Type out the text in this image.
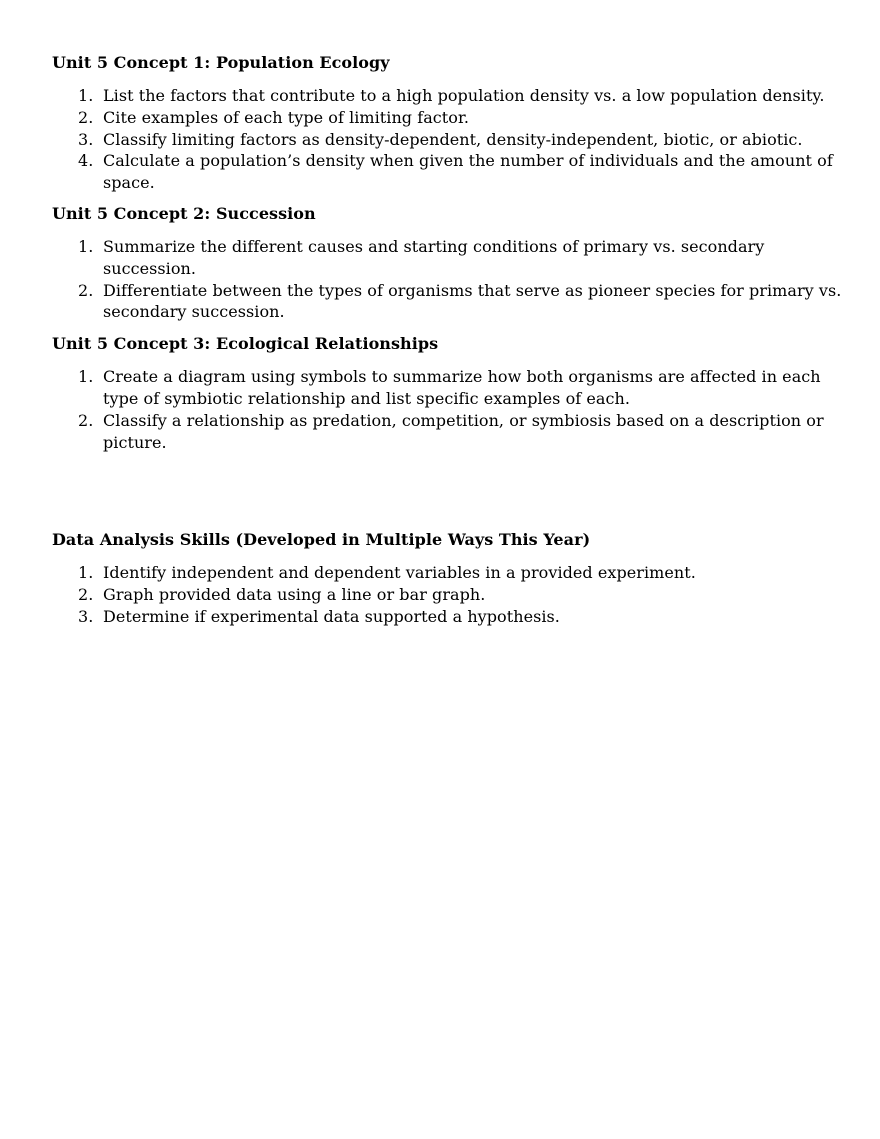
Unit 5 Concept 1: Population Ecology
1. List the factors that contribute to a high population density vs. a low population density.
2. Cite examples of each type of limiting factor.
3. Classify limiting factors as density-dependent, density-independent, biotic, or abiotic.
4. Calculate a population’s density when given the number of individuals and the amount of space.
Unit 5 Concept 2: Succession
1. Summarize the different causes and starting conditions of primary vs. secondary succession.
2. Differentiate between the types of organisms that serve as pioneer species for primary vs. secondary succession.
Unit 5 Concept 3: Ecological Relationships
1. Create a diagram using symbols to summarize how both organisms are affected in each type of symbiotic relationship and list specific examples of each.
2. Classify a relationship as predation, competition, or symbiosis based on a description or picture.
Data Analysis Skills (Developed in Multiple Ways This Year)
1. Identify independent and dependent variables in a provided experiment.
2. Graph provided data using a line or bar graph.
3. Determine if experimental data supported a hypothesis.
